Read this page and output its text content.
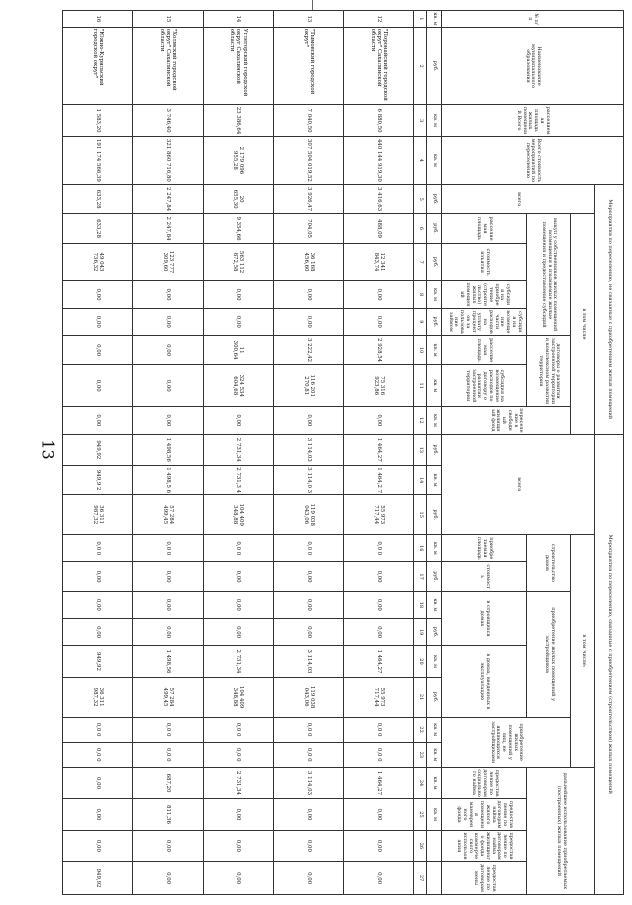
13
№ п/п	Наименование муниципального образования	расселяемая площадь жилых помещений Всего	Всего стоимость мероприятий по переселению	Мероприятия по переселению, не связанные с приобретением жилых помещений								Мероприятия по переселению, связанные с приобретением (строительством) жилых помещений														
				всего	в том числе							всего			в том числе:								дальнейшее использование приобретаемых (построенных) жилых помещений			
					выкуп у собственников жилых помещений возмещения в изымаемые жилые помещения и предоставление субсидий				договоры о развитии застроенной территории и комплексном развитии территории		переселение в свободный жилищный фонд				строительство домов		приобретение жилых помещений у застройщиков				приобретение жилых помещений у лиц, не являющихся застройщиками					
					расселяемая площадь	стоимость изъятия	субсидия на приобретение (строительство) жилых помещений	субсидия на возмещение части расходов на уплату процентов за пользование займом	расселяемая площадь	субсидия на возмещение расходов по договору о развитии застроенной территории					приобретаемая площадь	стоимость	в строящихся домах		в домах, введенных в эксплуатацию				предоставление по договорам социального найма	предоставление по договорам найма жилого помещения маневренного фонда	предоставление по договорам найма жилищного фонда коммерческого использования	предоставление по договорам мены
кв. м	руб.	кв. м	кв. м	руб.	руб.	руб.	кв. м	руб.	кв. м	кв. м	кв. м	руб.	кв. м	руб.	кв. м	руб.	кв. м	руб.	кв. м	руб.	кв. м	кв. м	кв. м	кв. м		
1	2	3	4	5	6	7	8	9	10	11	12	13	14	15	16	17	18	19	20	21	22	23	24	25	26	27
12	"Поронайский городской округ" Сахалинской области	6 880,50	440 144 919,30	3 416,63	488,09	12 341 843,74	0,00	0,00	2 928,54	75 316 923,86	0,00	1 464,27	1 464,2 7	55 973 717,44	0,0 0	0,00	0,00	0,00	1 464,27	55 973 717,44	0,0 0	0,0 0	1 464,27	0,00	0,00	0,00
13	"Тымовский городской округ"	7 040,50	307 504 019,52	3 926,47	704,05	36 168 456,60	0,00	0,00	3 222,42	116 201 270,81	0,00	3 114,03	3 114,0 3	119 038 043,06	0,0 0	0,00	0,00	0,00	3 114,03	119 038 043,06	0,0 0	0,0 0	3 114,03	0,00	0,00	0,00
14	Углегорский городской округ Сахалинской области	23 386,64	2 179 096 955,28	20 655,30	9 354,66	563 112 872,58	0,00	0,00	11 300,64	324 534 604,68	0,00	2 731,34	2 731,3 4	104 409 348,88	0,0 0	0,00	0,00	0,00	2 731,34	104 409 348,88	0,0 0	0,0 0	2 731,34	0,00	0,00	0,00
15	"Холмский городской округ" Сахалинской области	3 746,40	321 860 716,80	2 247,84	2 247,84	123 777 309,60	0,00	0,00	0,00	0,00	0,00	1 498,56	1 498,5 6	57 284 499,45	0,0 0	0,00	0,00	0,00	1 498,56	57 284 499,45	0,0 0	0,0 0	687,20	811,36	0,00	0,00
16	"Южно-Курильский городской округ"	1 583,20	191 174 566,39	633,28	633,28	49 043 736,32	0,00	0,00	0,00	0,00	0,00	949,92	949,9 2	36 311 987,32	0,0 0	0,00	0,00	0,00	949,92	36 311 987,32	0,0 0	0,0 0	0,00	0,00	0,00	949,92
